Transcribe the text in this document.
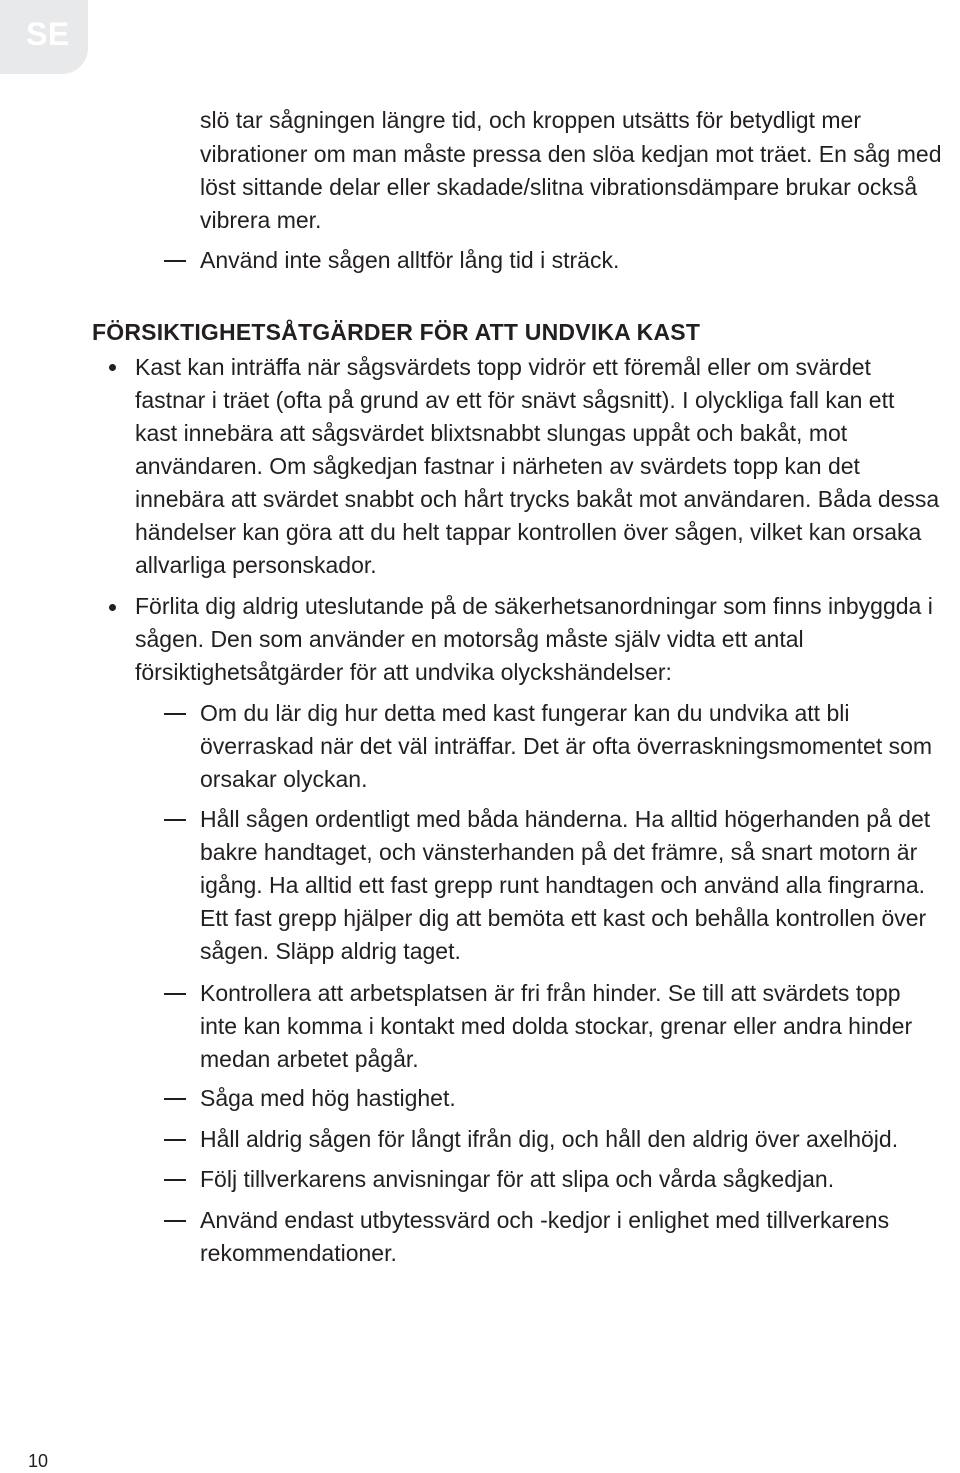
SE
slö tar sågningen längre tid, och kroppen utsätts för betydligt mer
vibrationer om man måste pressa den slöa kedjan mot träet. En såg med
löst sittande delar eller skadade/slitna vibrationsdämpare brukar också
vibrera mer.
Använd inte sågen alltför lång tid i sträck.
FÖRSIKTIGHETSÅTGÄRDER FÖR ATT UNDVIKA KAST
Kast kan inträffa när sågsvärdets topp vidrör ett föremål eller om svärdet
fastnar i träet (ofta på grund av ett för snävt sågsnitt). I olyckliga fall kan ett
kast innebära att sågsvärdet blixtsnabbt slungas uppåt och bakåt, mot
användaren. Om sågkedjan fastnar i närheten av svärdets topp kan det
innebära att svärdet snabbt och hårt trycks bakåt mot användaren. Båda dessa
händelser kan göra att du helt tappar kontrollen över sågen, vilket kan orsaka
allvarliga personskador.
Förlita dig aldrig uteslutande på de säkerhetsanordningar som finns inbyggda i
sågen. Den som använder en motorsåg måste själv vidta ett antal
försiktighetsåtgärder för att undvika olyckshändelser:
Om du lär dig hur detta med kast fungerar kan du undvika att bli
överraskad när det väl inträffar. Det är ofta överraskningsmomentet som
orsakar olyckan.
Håll sågen ordentligt med båda händerna. Ha alltid högerhanden på det
bakre handtaget, och vänsterhanden på det främre, så snart motorn är
igång. Ha alltid ett fast grepp runt handtagen och använd alla fingrarna.
Ett fast grepp hjälper dig att bemöta ett kast och behålla kontrollen över
sågen. Släpp aldrig taget.
Kontrollera att arbetsplatsen är fri från hinder. Se till att svärdets topp
inte kan komma i kontakt med dolda stockar, grenar eller andra hinder
medan arbetet pågår.
Såga med hög hastighet.
Håll aldrig sågen för långt ifrån dig, och håll den aldrig över axelhöjd.
Följ tillverkarens anvisningar för att slipa och vårda sågkedjan.
Använd endast utbytessvärd och -kedjor i enlighet med tillverkarens
rekommendationer.
10
